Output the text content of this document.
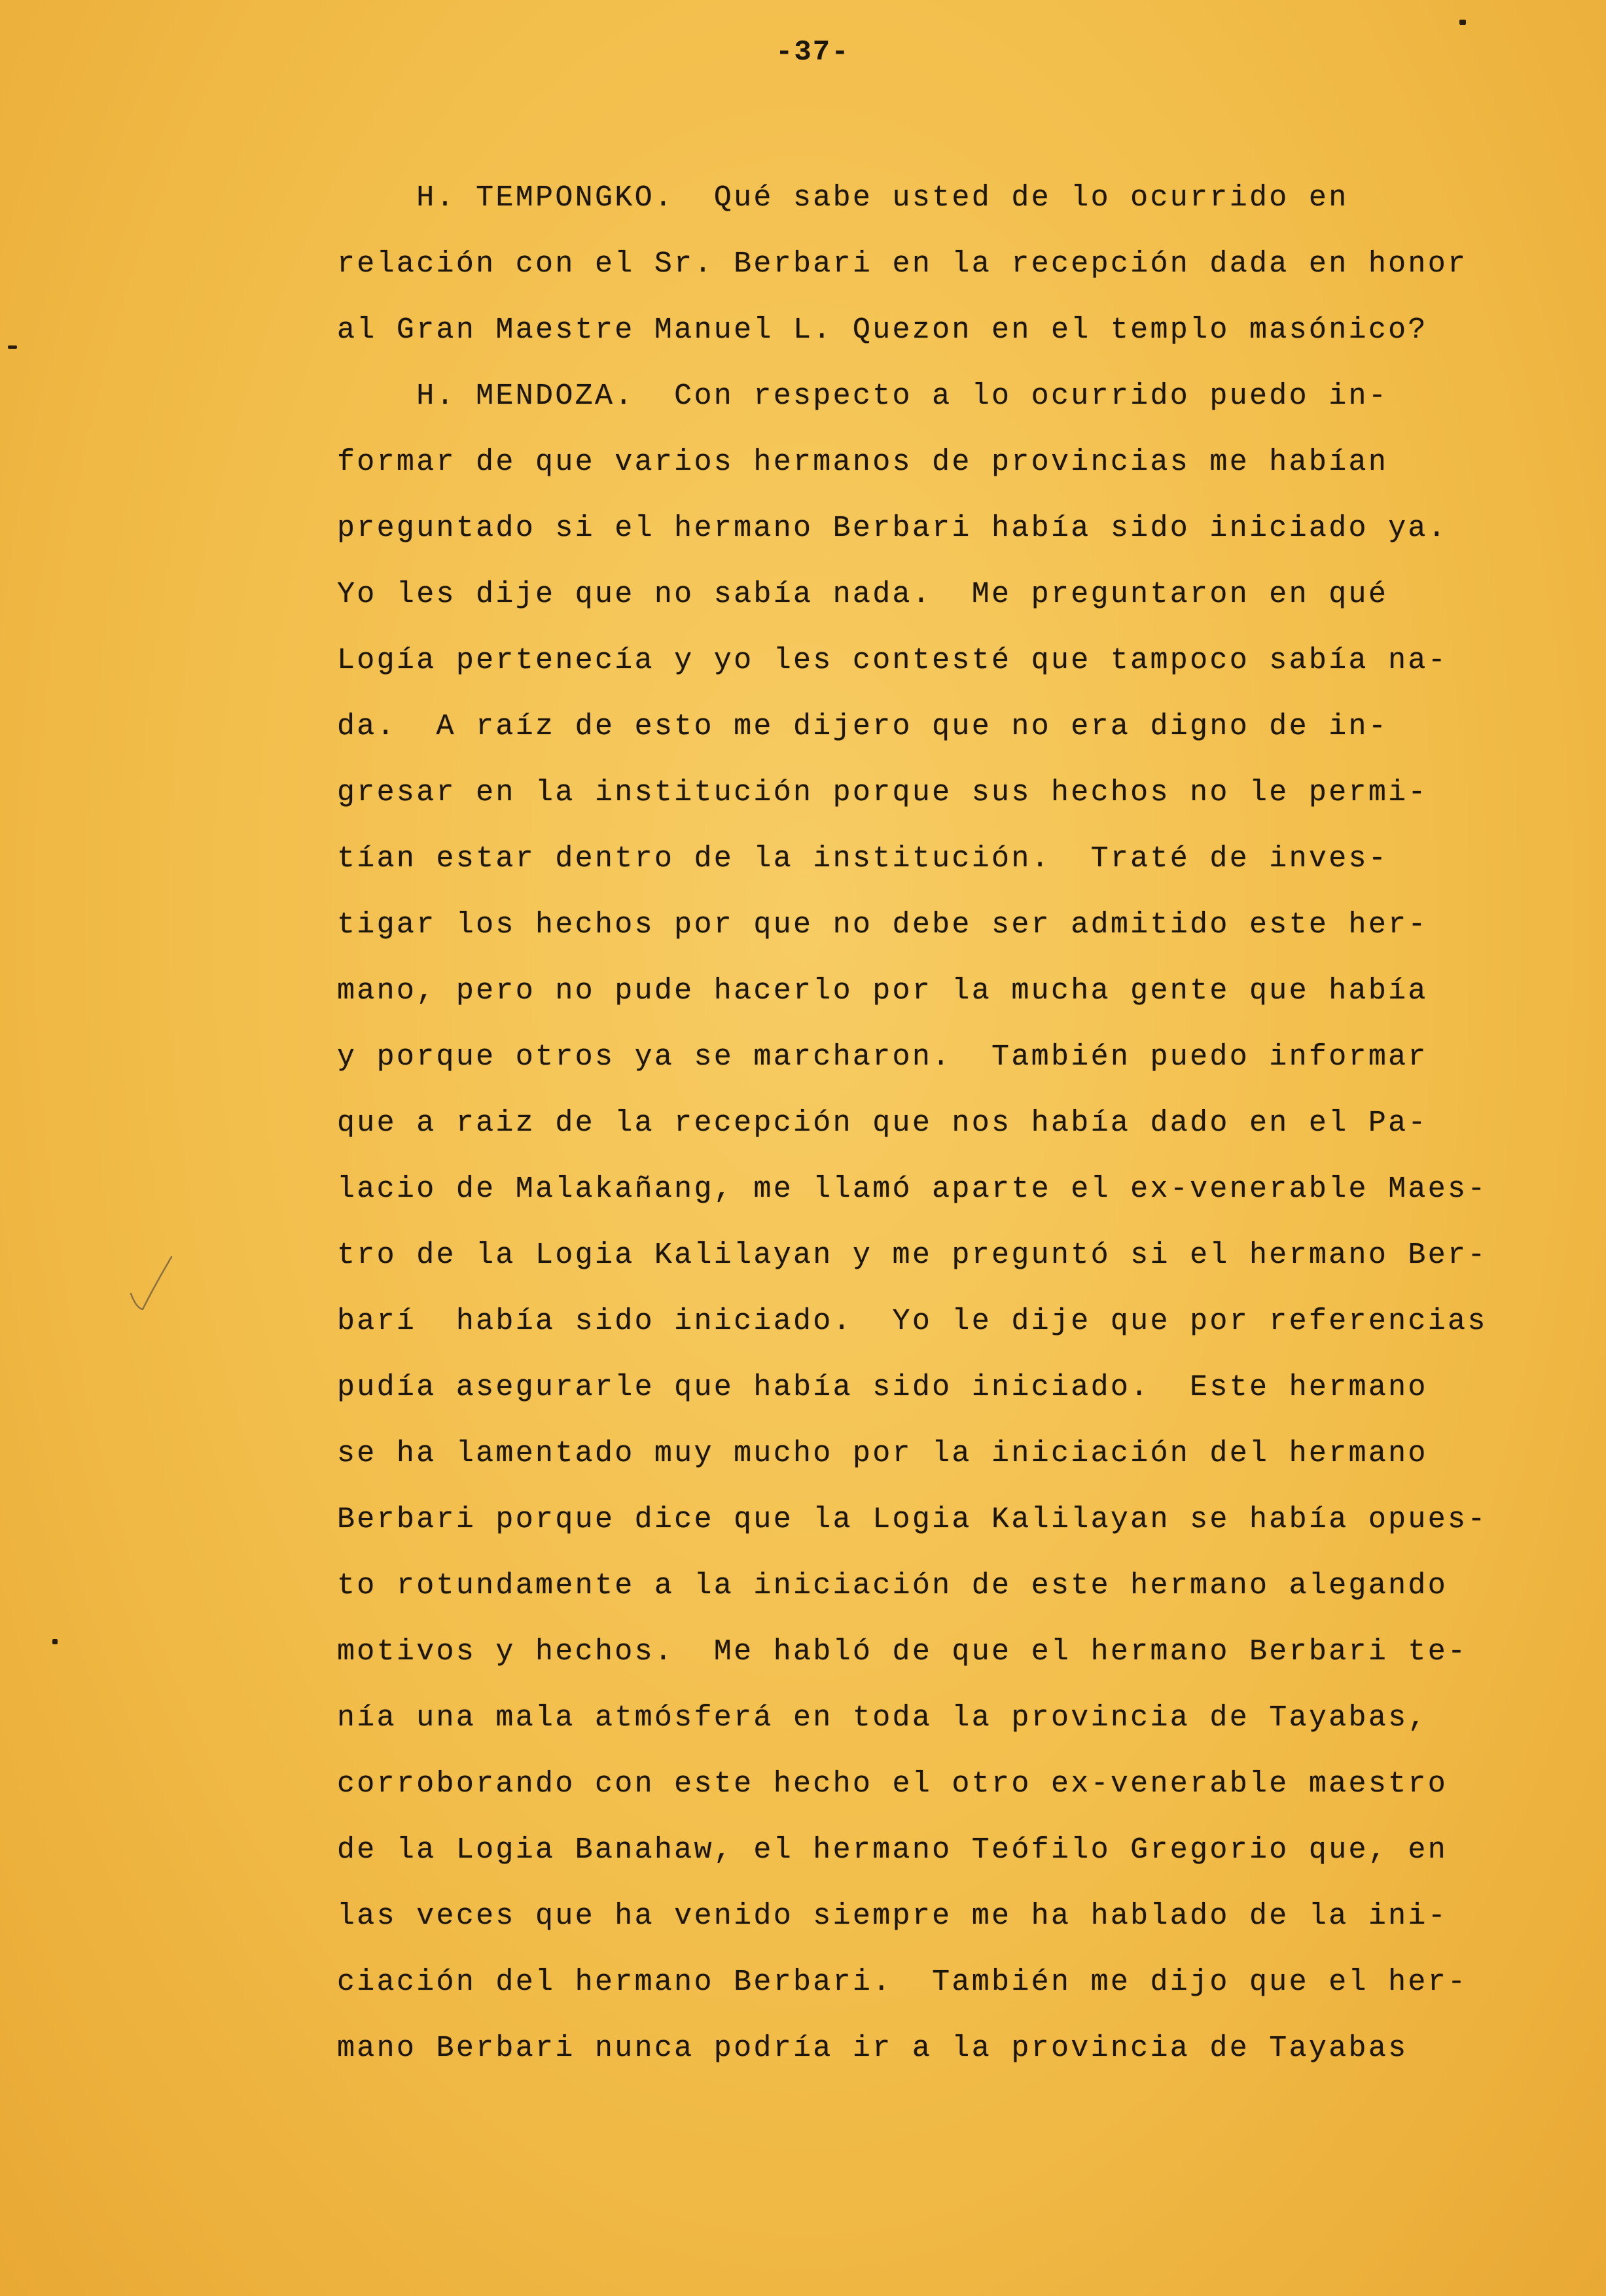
-37-
H. TEMPONGKO.  Qué sabe usted de lo ocurrido en
relación con el Sr. Berbari en la recepción dada en honor
al Gran Maestre Manuel L. Quezon en el templo masónico?
H. MENDOZA.  Con respecto a lo ocurrido puedo in-
formar de que varios hermanos de provincias me habían
preguntado si el hermano Berbari había sido iniciado ya.
Yo les dije que no sabía nada.  Me preguntaron en qué
Logía pertenecía y yo les contesté que tampoco sabía na-
da.  A raíz de esto me dijero que no era digno de in-
gresar en la institución porque sus hechos no le permi-
tían estar dentro de la institución.  Traté de inves-
tigar los hechos por que no debe ser admitido este her-
mano, pero no pude hacerlo por la mucha gente que había
y porque otros ya se marcharon.  También puedo informar
que a raiz de la recepción que nos había dado en el Pa-
lacio de Malakañang, me llamó aparte el ex-venerable Maes-
tro de la Logia Kalilayan y me preguntó si el hermano Ber-
barí  había sido iniciado.  Yo le dije que por referencias
pudía asegurarle que había sido iniciado.  Este hermano
se ha lamentado muy mucho por la iniciación del hermano
Berbari porque dice que la Logia Kalilayan se había opues-
to rotundamente a la iniciación de este hermano alegando
motivos y hechos.  Me habló de que el hermano Berbari te-
nía una mala atmósferá en toda la provincia de Tayabas,
corroborando con este hecho el otro ex-venerable maestro
de la Logia Banahaw, el hermano Teófilo Gregorio que, en
las veces que ha venido siempre me ha hablado de la ini-
ciación del hermano Berbari.  También me dijo que el her-
mano Berbari nunca podría ir a la provincia de Tayabas
